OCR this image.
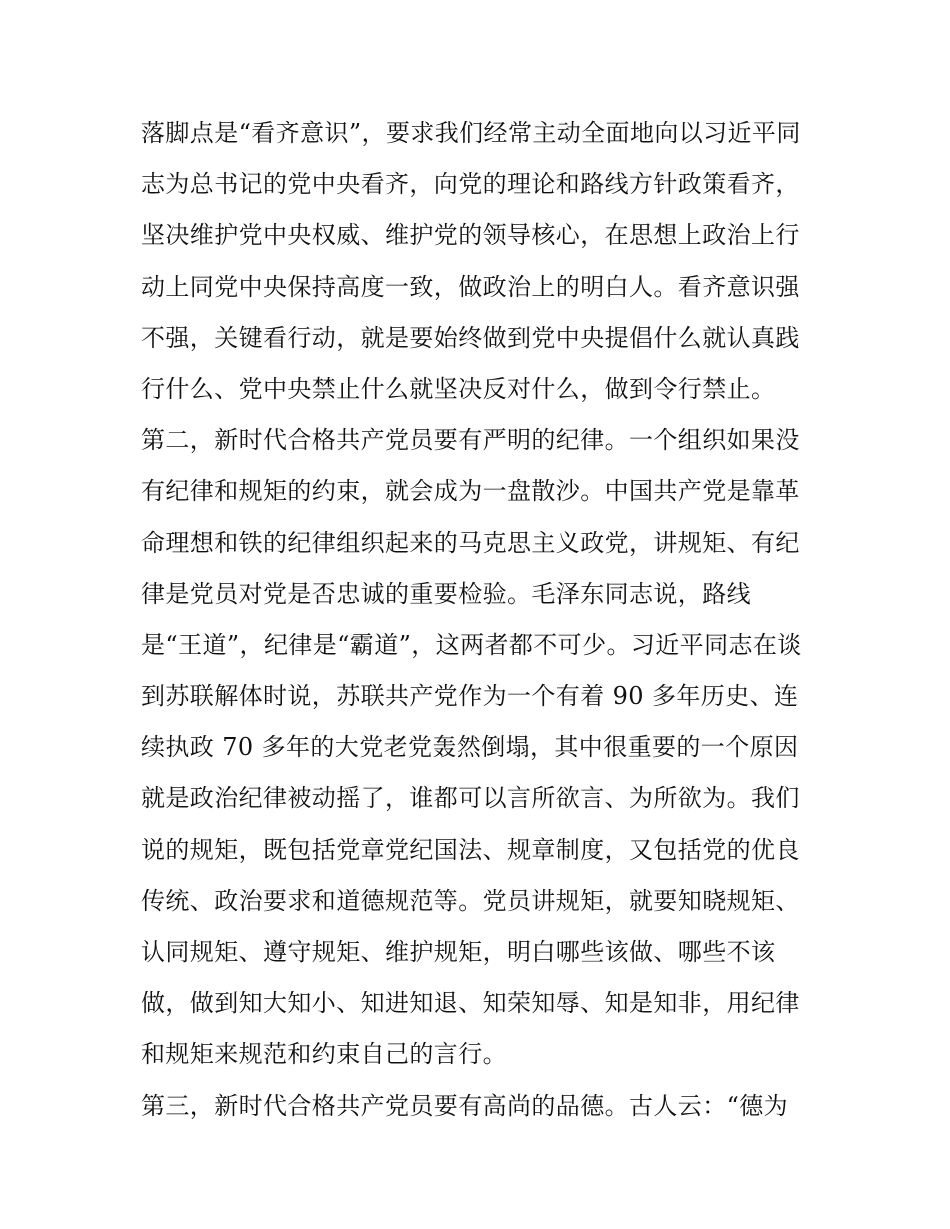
落脚点是“看齐意识”，要求我们经常主动全面地向以习近平同
志为总书记的党中央看齐，向党的理论和路线方针政策看齐，
坚决维护党中央权威、维护党的领导核心，在思想上政治上行
动上同党中央保持高度一致，做政治上的明白人。看齐意识强
不强，关键看行动，就是要始终做到党中央提倡什么就认真践
行什么、党中央禁止什么就坚决反对什么，做到令行禁止。
第二，新时代合格共产党员要有严明的纪律。一个组织如果没
有纪律和规矩的约束，就会成为一盘散沙。中国共产党是靠革
命理想和铁的纪律组织起来的马克思主义政党，讲规矩、有纪
律是党员对党是否忠诚的重要检验。毛泽东同志说，路线
是“王道”，纪律是“霸道”，这两者都不可少。习近平同志在谈
到苏联解体时说，苏联共产党作为一个有着 90 多年历史、连
续执政 70 多年的大党老党轰然倒塌，其中很重要的一个原因
就是政治纪律被动摇了，谁都可以言所欲言、为所欲为。我们
说的规矩，既包括党章党纪国法、规章制度，又包括党的优良
传统、政治要求和道德规范等。党员讲规矩，就要知晓规矩、
认同规矩、遵守规矩、维护规矩，明白哪些该做、哪些不该
做，做到知大知小、知进知退、知荣知辱、知是知非，用纪律
和规矩来规范和约束自己的言行。
第三，新时代合格共产党员要有高尚的品德。古人云：“德为
